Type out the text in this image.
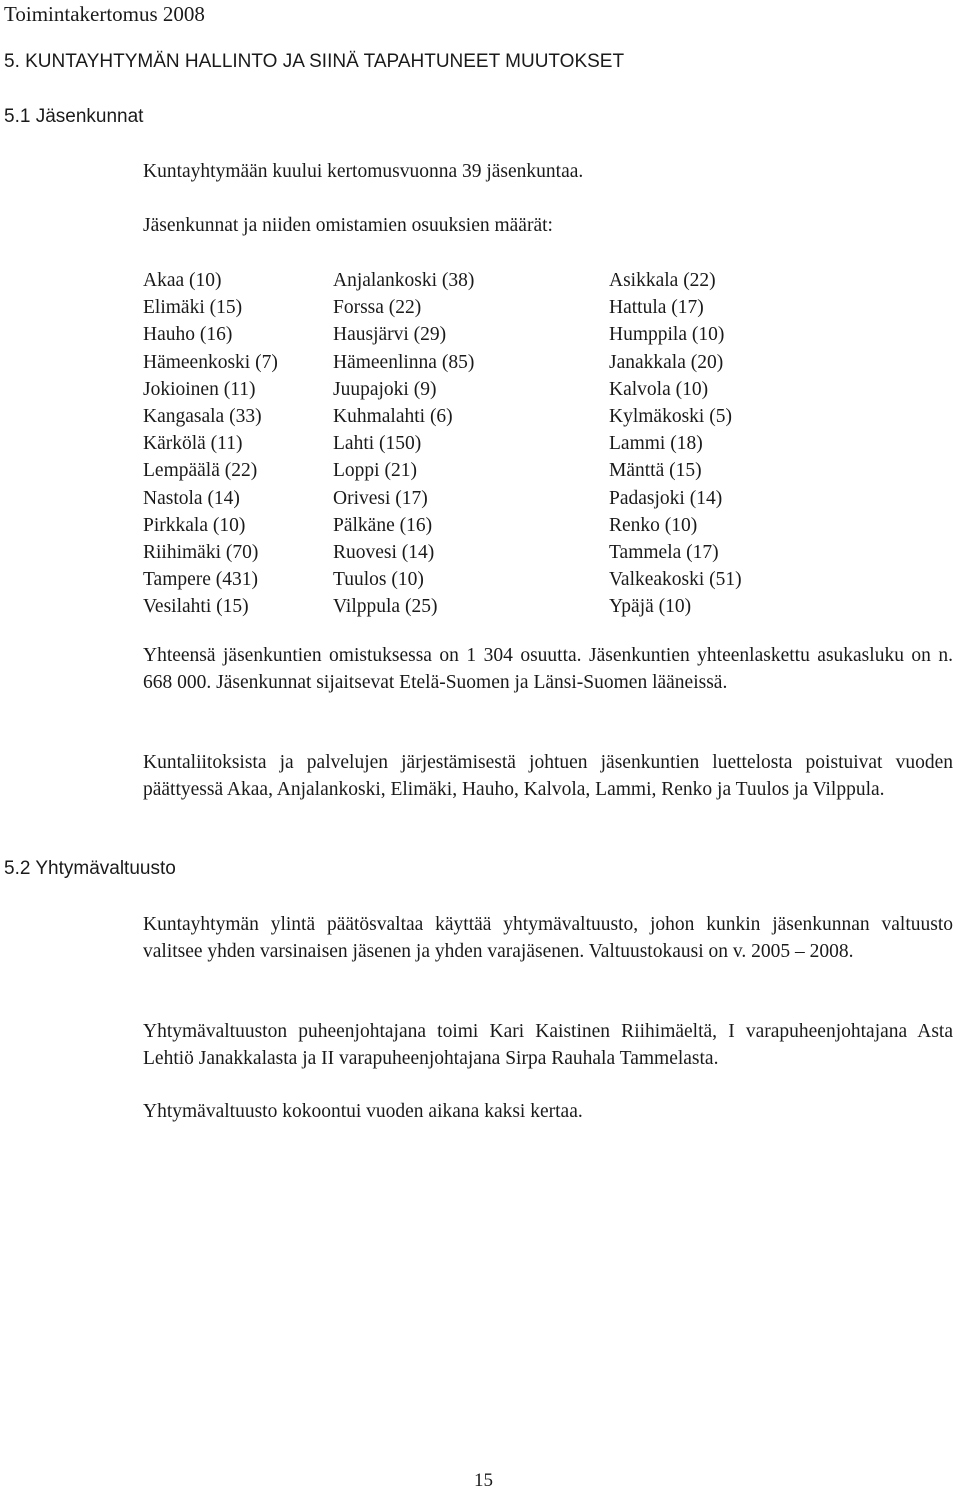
Toimintakertomus 2008
5. KUNTAYHTYMÄN HALLINTO JA SIINÄ TAPAHTUNEET MUUTOKSET
5.1 Jäsenkunnat

Kuntayhtymään kuului kertomusvuonna 39 jäsenkuntaa.

Jäsenkunnat ja niiden omistamien osuuksien määrät:

Akaa (10)	Anjalankoski (38)	Asikkala (22)
Elimäki (15)	Forssa (22)	Hattula (17)
Hauho (16)	Hausjärvi (29)	Humppila (10)
Hämeenkoski (7)	Hämeenlinna (85)	Janakkala (20)
Jokioinen (11)	Juupajoki (9)	Kalvola (10)
Kangasala (33)	Kuhmalahti (6)	Kylmäkoski (5)
Kärkölä (11)	Lahti (150)	Lammi (18)
Lempäälä (22)	Loppi (21)	Mänttä (15)
Nastola (14)	Orivesi (17)	Padasjoki (14)
Pirkkala (10)	Pälkäne (16)	Renko (10)
Riihimäki (70)	Ruovesi (14)	Tammela (17)
Tampere (431)	Tuulos (10)	Valkeakoski (51)
Vesilahti (15)	Vilppula (25)	Ypäjä (10)

Yhteensä jäsenkuntien omistuksessa on 1 304 osuutta. Jäsenkuntien yhteenlaskettu asukasluku on n. 668 000. Jäsenkunnat sijaitsevat Etelä-Suomen ja Länsi-Suomen lääneissä.

Kuntaliitoksista ja palvelujen järjestämisestä johtuen jäsenkuntien luettelosta poistuivat vuoden päättyessä Akaa, Anjalankoski, Elimäki, Hauho, Kalvola, Lammi, Renko ja Tuulos ja Vilppula.

5.2 Yhtymävaltuusto

Kuntayhtymän ylintä päätösvaltaa käyttää yhtymävaltuusto, johon kunkin jäsenkunnan valtuusto valitsee yhden varsinaisen jäsenen ja yhden varajäsenen. Valtuustokausi on v. 2005 – 2008.

Yhtymävaltuuston puheenjohtajana toimi Kari Kaistinen Riihimäeltä, I varapuheenjohtajana Asta Lehtiö Janakkalasta ja II varapuheenjohtajana Sirpa Rauhala Tammelasta.

Yhtymävaltuusto kokoontui vuoden aikana kaksi kertaa.

15
